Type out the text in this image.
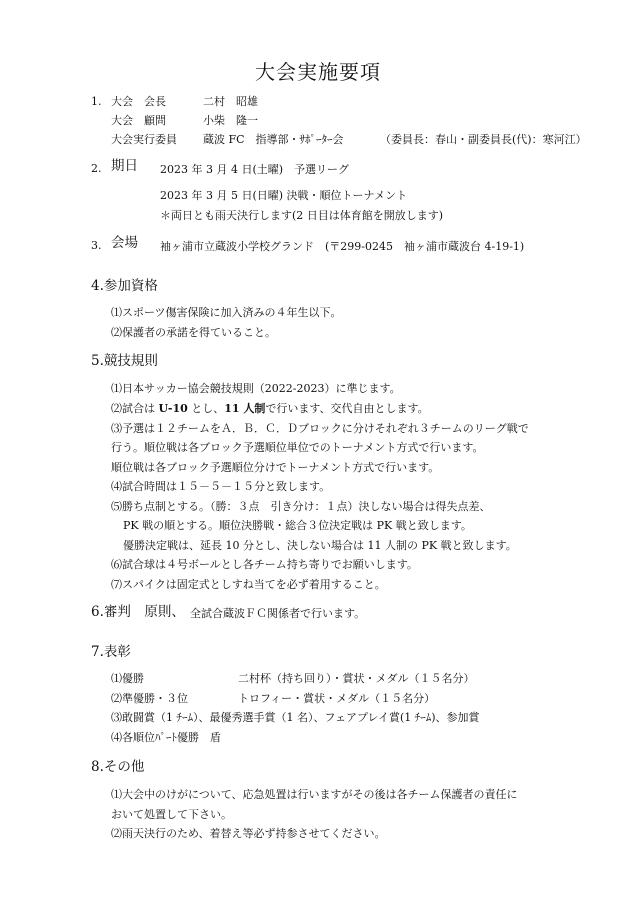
大会実施要項
1. 大会　会長	二村　昭雄
大会　顧問	小柴　隆一
大会実行委員 蔵波 FC　指導部・ｻﾎﾟｰﾀｰ会	（委員長：春山・副委員長(代)：寒河江）
2. 期日 2023 年 3 月 4 日(土曜)　予選リーグ
2023 年 3 月 5 日(日曜) 決戦・順位トーナメント
＊両日とも雨天決行します(2 日目は体育館を開放します)
3. 会場 袖ヶ浦市立蔵波小学校グランド　(〒299-0245　袖ヶ浦市蔵波台 4-19-1)
4.参加資格
⑴スポーツ傷害保険に加入済みの４年生以下。
⑵保護者の承諾を得ていること。
5.競技規則
⑴日本サッカー協会競技規則（2022-2023）に準じます。
⑵試合は U-10 とし、11 人制で行います、交代自由とします。
⑶予選は１２チームをＡ．Ｂ．Ｃ．Ｄブロックに分けそれぞれ３チームのリーグ戦で
行う。順位戦は各ブロック予選順位単位でのトーナメント方式で行います。
順位戦は各ブロック予選順位分けでトーナメント方式で行います。
⑷試合時間は１５－５－１５分と致します。
⑸勝ち点制とする。（勝：３点　引き分け：１点）決しない場合は得失点差、
PK 戦の順とする。順位決勝戦・総合３位決定戦は PK 戦と致します。
優勝決定戦は、延長 10 分とし、決しない場合は 11 人制の PK 戦と致します。
⑹試合球は４号ボールとし各チーム持ち寄りでお願いします。
⑺スパイクは固定式としすね当てを必ず着用すること。
6.審判　原則、 全試合蔵波ＦＣ関係者で行います。
7.表彰
⑴優勝	二村杯（持ち回り）・賞状・メダル（１５名分）
⑵準優勝・３位	トロフィー・賞状・メダル（１５名分）
⑶敢闘賞（1 ﾁｰﾑ）、最優秀選手賞（1 名）、フェアプレイ賞(1 ﾁｰﾑ)、参加賞
⑷各順位ﾊﾟｰﾄ優勝　盾
8.その他
⑴大会中のけがについて、応急処置は行いますがその後は各チーム保護者の責任に
おいて処置して下さい。
⑵雨天決行のため、着替え等必ず持参させてください。
